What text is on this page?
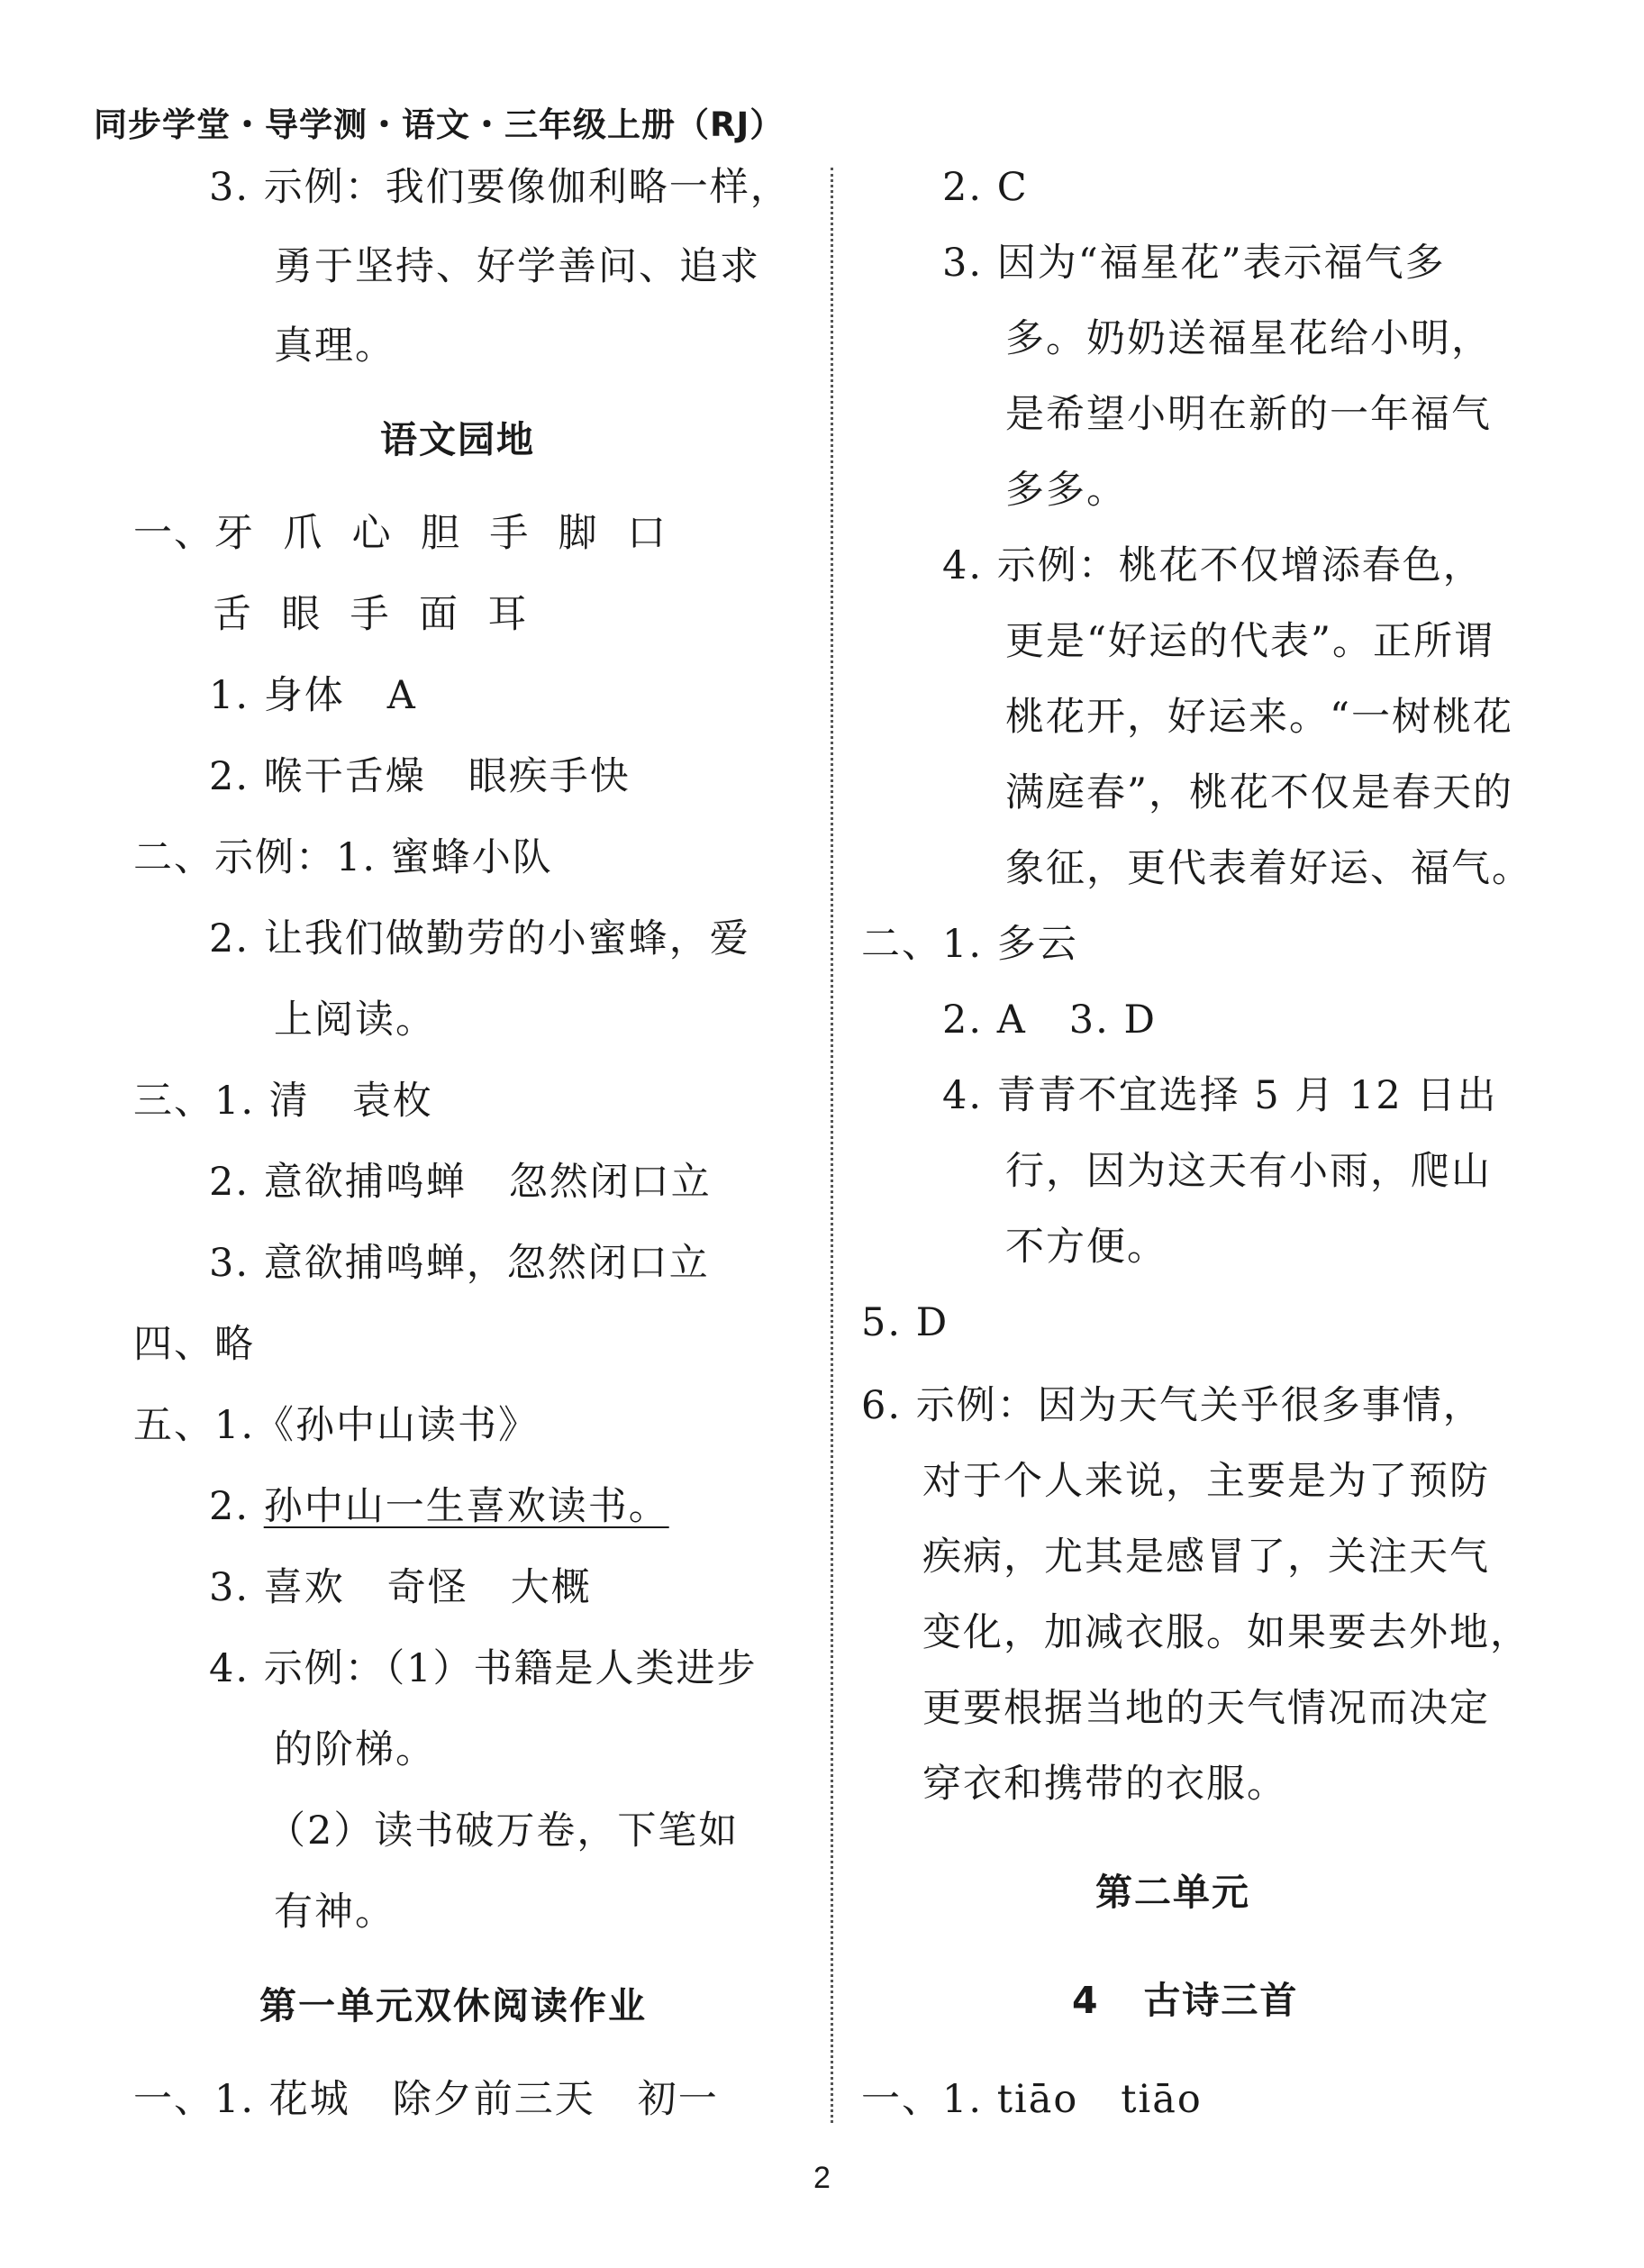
同步学堂・导学测・语文・三年级上册（RJ）
3. 示例：我们要像伽利略一样，
勇于坚持、好学善问、追求
真理。
语文园地
一、牙  爪  心  胆  手  脚  口
舌  眼  手  面  耳
1. 身体   A
2. 喉干舌燥   眼疾手快
二、示例：1. 蜜蜂小队
2. 让我们做勤劳的小蜜蜂，爱
上阅读。
三、1. 清   袁枚
2. 意欲捕鸣蝉   忽然闭口立
3. 意欲捕鸣蝉，忽然闭口立
四、略
五、1.《孙中山读书》
2. 孙中山一生喜欢读书。
3. 喜欢   奇怪   大概
4. 示例：（1）书籍是人类进步
的阶梯。
（2）读书破万卷，下笔如
有神。
第一单元双休阅读作业
一、1. 花城   除夕前三天   初一
2. C
3. 因为“福星花”表示福气多
多。奶奶送福星花给小明，
是希望小明在新的一年福气
多多。
4. 示例：桃花不仅增添春色，
更是“好运的代表”。正所谓
桃花开，好运来。“一树桃花
满庭春”，桃花不仅是春天的
象征，更代表着好运、福气。
二、1. 多云
2. A   3. D
4. 青青不宜选择 5 月 12 日出
行，因为这天有小雨，爬山
不方便。
5. D
6. 示例：因为天气关乎很多事情，
对于个人来说，主要是为了预防
疾病，尤其是感冒了，关注天气
变化，加减衣服。如果要去外地，
更要根据当地的天气情况而决定
穿衣和携带的衣服。
第二单元
4   古诗三首
一、1. tiāo   tiāo
2
